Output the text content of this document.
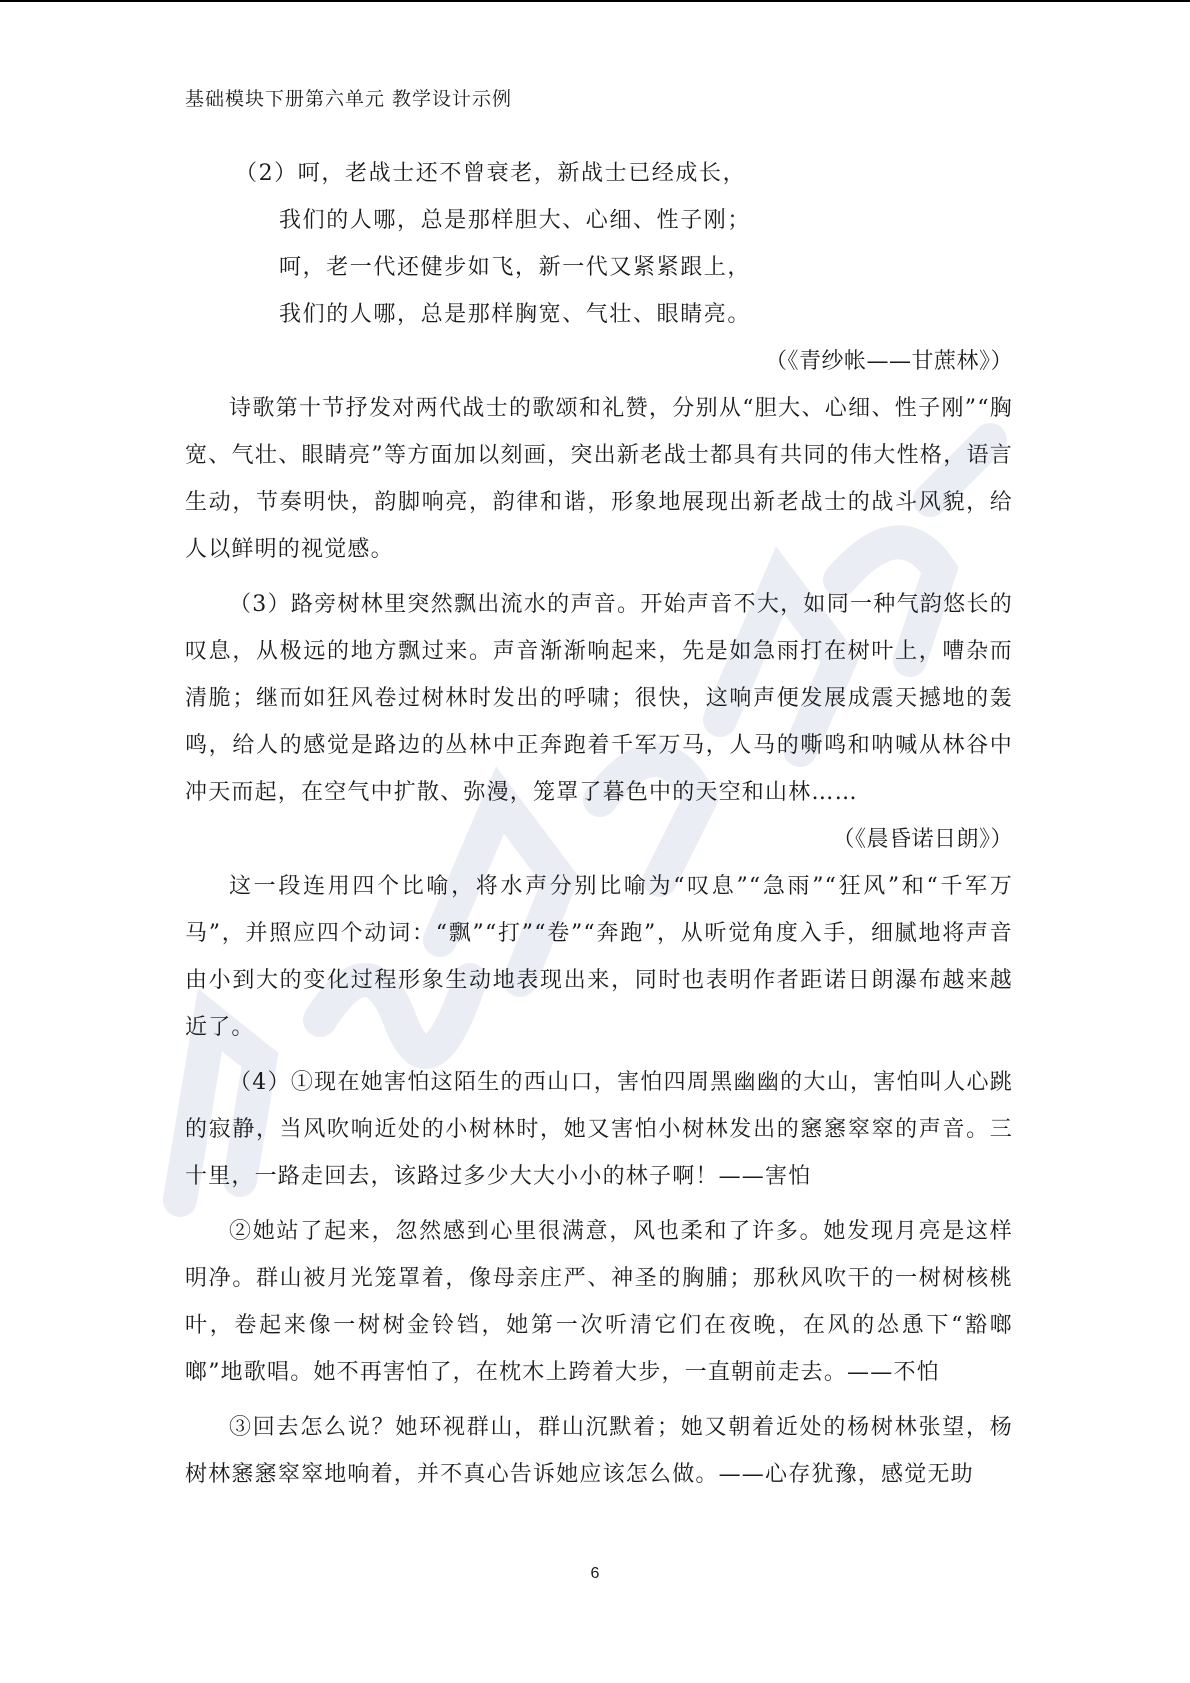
基础模块下册第六单元 教学设计示例

（2）呵，老战士还不曾衰老，新战士已经成长，

我们的人哪，总是那样胆大、心细、性子刚；

呵，老一代还健步如飞，新一代又紧紧跟上，

我们的人哪，总是那样胸宽、气壮、眼睛亮。

（《青纱帐——甘蔗林》）

诗歌第十节抒发对两代战士的歌颂和礼赞，分别从“胆大、心细、性子刚”“胸宽、气壮、眼睛亮”等方面加以刻画，突出新老战士都具有共同的伟大性格，语言生动，节奏明快，韵脚响亮，韵律和谐，形象地展现出新老战士的战斗风貌，给人以鲜明的视觉感。

（3）路旁树林里突然飘出流水的声音。开始声音不大，如同一种气韵悠长的叹息，从极远的地方飘过来。声音渐渐响起来，先是如急雨打在树叶上，嘈杂而清脆；继而如狂风卷过树林时发出的呼啸；很快，这响声便发展成震天撼地的轰鸣，给人的感觉是路边的丛林中正奔跑着千军万马，人马的嘶鸣和呐喊从林谷中冲天而起，在空气中扩散、弥漫，笼罩了暮色中的天空和山林……

（《晨昏诺日朗》）

这一段连用四个比喻，将水声分别比喻为“叹息”“急雨”“狂风”和“千军万马”，并照应四个动词：“飘”“打”“卷”“奔跑”，从听觉角度入手，细腻地将声音由小到大的变化过程形象生动地表现出来，同时也表明作者距诺日朗瀑布越来越近了。

（4）①现在她害怕这陌生的西山口，害怕四周黑幽幽的大山，害怕叫人心跳的寂静，当风吹响近处的小树林时，她又害怕小树林发出的窸窸窣窣的声音。三十里，一路走回去，该路过多少大大小小的林子啊！——害怕

②她站了起来，忽然感到心里很满意，风也柔和了许多。她发现月亮是这样明净。群山被月光笼罩着，像母亲庄严、神圣的胸脯；那秋风吹干的一树树核桃叶，卷起来像一树树金铃铛，她第一次听清它们在夜晚，在风的怂恿下“豁啷啷”地歌唱。她不再害怕了，在枕木上跨着大步，一直朝前走去。——不怕

③回去怎么说？她环视群山，群山沉默着；她又朝着近处的杨树林张望，杨树林窸窸窣窣地响着，并不真心告诉她应该怎么做。——心存犹豫，感觉无助

6
